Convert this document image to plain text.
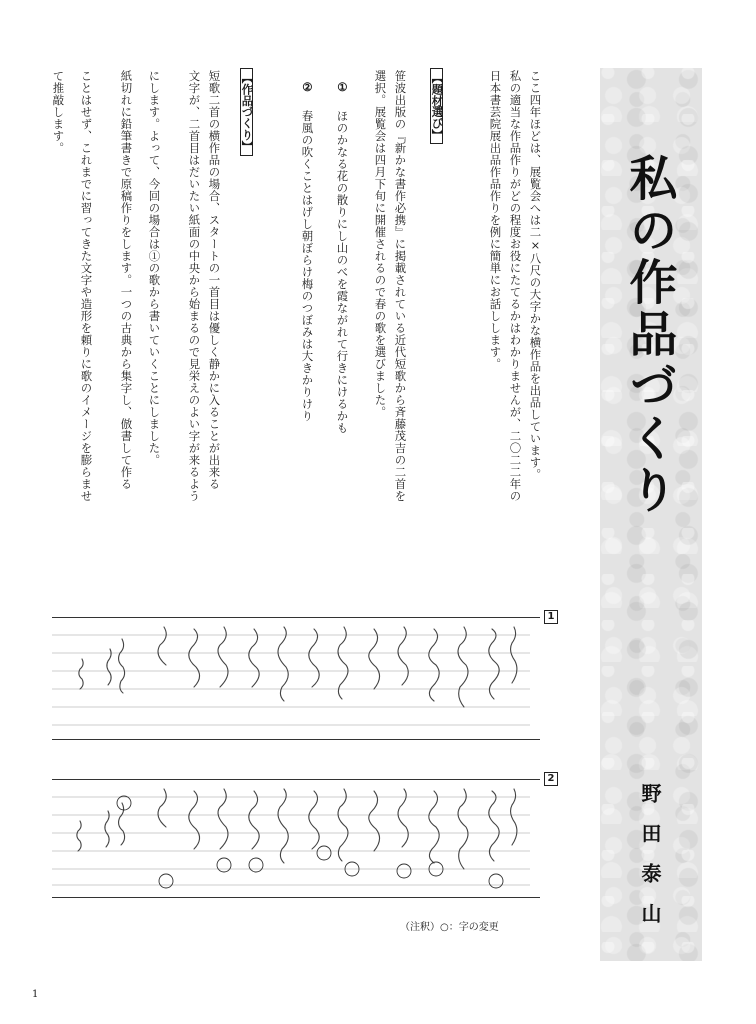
ここ四年ほどは、展覧会へは二×八尺の大字かな横作品を出品しています。
私の適当な作品作りがどの程度お役にたてるかはわかりませんが、二〇二二年の
日本書芸院展出品作品作りを例に簡単にお話しします。
【題材選び】
笹波出版の『新かな書作必携』に掲載されている近代短歌から斉藤茂吉の二首を
選択。展覧会は四月下旬に開催されるので春の歌を選びました。
①
ほのかなる花の散りにし山のべを霞ながれて行きにけるかも
②
春風の吹くことはげし朝ぼらけ梅のつぼみは大きかりけり
【作品づくり】
短歌二首の横作品の場合、スタートの一首目は優しく静かに入ることが出来る
文字が、二首目はだいたい紙面の中央から始まるので見栄えのよい字が来るよう
にします。よって、今回の場合は①の歌から書いていくことにしました。
紙切れに鉛筆書きで原稿作りをします。一つの古典から集字し、倣書して作る
ことはせず、これまでに習ってきた文字や造形を頼りに歌のイメージを膨らませ
て推敲します。
私の作品づくり
野田泰山
1
2
（注釈）○：字の変更
1
